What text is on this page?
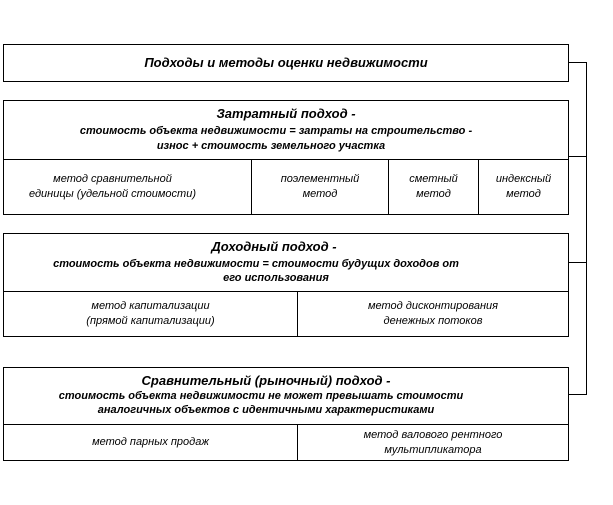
Подходы и методы оценки недвижимости
Затратный подход -
стоимость объекта недвижимости = затраты на строительство -
износ + стоимость земельного участка
метод сравнительной
единицы (удельной стоимости)
поэлементный
метод
сметный
метод
индексный
метод
Доходный подход -
стоимость объекта недвижимости = стоимости будущих доходов от
его использования
метод капитализации
(прямой капитализации)
метод дисконтирования
денежных потоков
Сравнительный (рыночный) подход -
стоимость объекта недвижимости не может превышать стоимости
аналогичных объектов с идентичными характеристиками
метод парных продаж
метод валового рентного
мультипликатора
